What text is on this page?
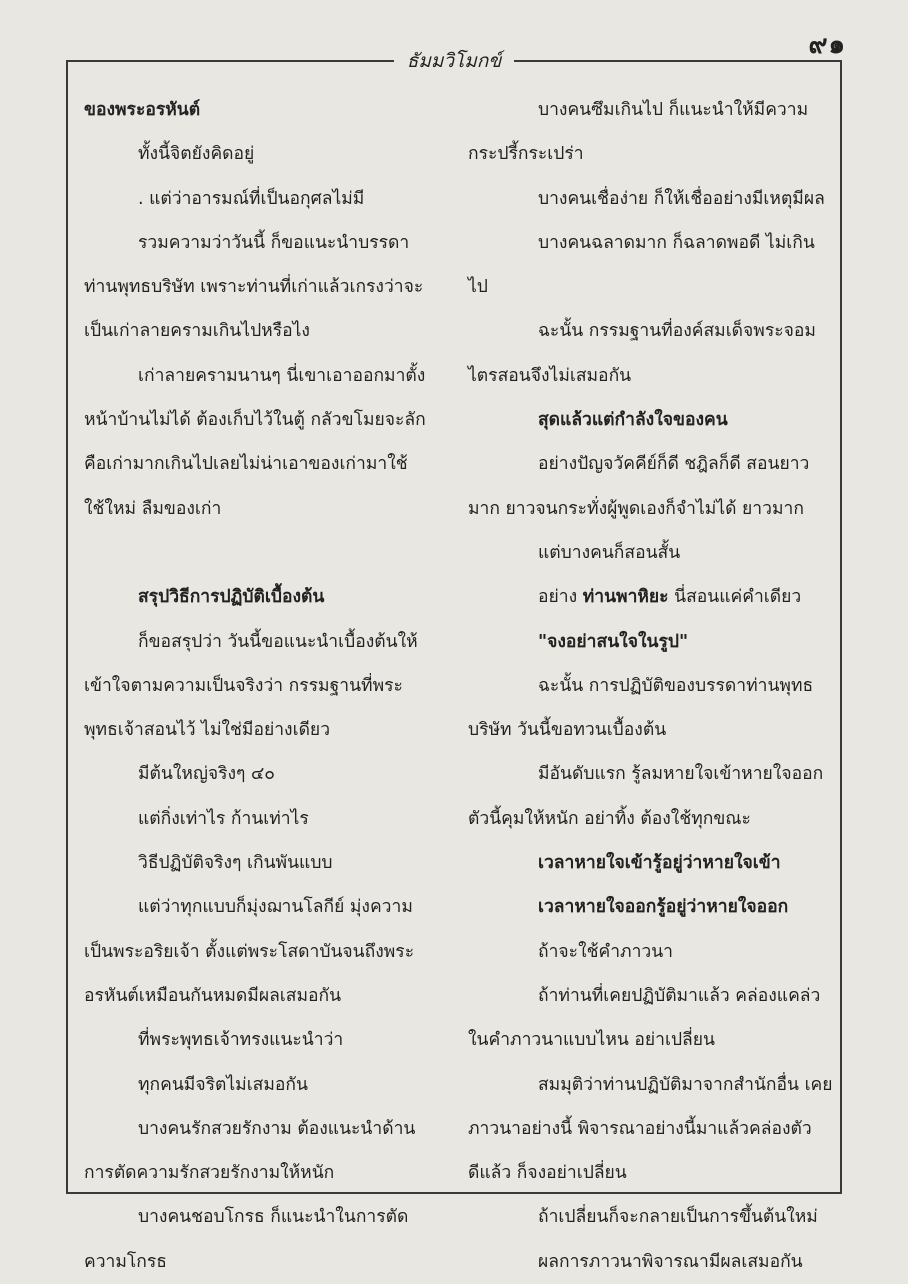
๙๑
ธัมมวิโมกข์
ของพระอรหันต์
ทั้งนี้จิตยังคิดอยู่
. แต่ว่าอารมณ์ที่เป็นอกุศลไม่มี
รวมความว่าวันนี้ ก็ขอแนะนำบรรดา
ท่านพุทธบริษัท เพราะท่านที่เก่าแล้วเกรงว่าจะ
เป็นเก่าลายครามเกินไปหรือไง
เก่าลายครามนานๆ นี่เขาเอาออกมาตั้ง
หน้าบ้านไม่ได้ ต้องเก็บไว้ในตู้ กลัวขโมยจะลัก
คือเก่ามากเกินไปเลยไม่น่าเอาของเก่ามาใช้
ใช้ใหม่ ลืมของเก่า
สรุปวิธีการปฏิบัติเบื้องต้น
ก็ขอสรุปว่า วันนี้ขอแนะนำเบื้องต้นให้
เข้าใจตามความเป็นจริงว่า กรรมฐานที่พระ
พุทธเจ้าสอนไว้ ไม่ใช่มีอย่างเดียว
มีต้นใหญ่จริงๆ ๔๐
แต่กิ่งเท่าไร ก้านเท่าไร
วิธีปฏิบัติจริงๆ เกินพันแบบ
แต่ว่าทุกแบบก็มุ่งฌานโลกีย์ มุ่งความ
เป็นพระอริยเจ้า ตั้งแต่พระโสดาบันจนถึงพระ
อรหันต์เหมือนกันหมดมีผลเสมอกัน
ที่พระพุทธเจ้าทรงแนะนำว่า
ทุกคนมีจริตไม่เสมอกัน
บางคนรักสวยรักงาม ต้องแนะนำด้าน
การตัดความรักสวยรักงามให้หนัก
บางคนชอบโกรธ ก็แนะนำในการตัด
ความโกรธ
บางคนซึมเกินไป ก็แนะนำให้มีความ
กระปรี้กระเปร่า
บางคนเชื่อง่าย ก็ให้เชื่ออย่างมีเหตุมีผล
บางคนฉลาดมาก ก็ฉลาดพอดี ไม่เกิน
ไป
ฉะนั้น กรรมฐานที่องค์สมเด็จพระจอม
ไตรสอนจึงไม่เสมอกัน
สุดแล้วแต่กำลังใจของคน
อย่างปัญจวัคคีย์ก็ดี ชฎิลก็ดี สอนยาว
มาก ยาวจนกระทั่งผู้พูดเองก็จำไม่ได้ ยาวมาก
แต่บางคนก็สอนสั้น
อย่าง ท่านพาหิยะ นี่สอนแค่คำเดียว
"จงอย่าสนใจในรูป"
ฉะนั้น การปฏิบัติของบรรดาท่านพุทธ
บริษัท วันนี้ขอทวนเบื้องต้น
มีอันดับแรก รู้ลมหายใจเข้าหายใจออก
ตัวนี้คุมให้หนัก อย่าทิ้ง ต้องใช้ทุกขณะ
เวลาหายใจเข้ารู้อยู่ว่าหายใจเข้า
เวลาหายใจออกรู้อยู่ว่าหายใจออก
ถ้าจะใช้คำภาวนา
ถ้าท่านที่เคยปฏิบัติมาแล้ว คล่องแคล่ว
ในคำภาวนาแบบไหน อย่าเปลี่ยน
สมมุติว่าท่านปฏิบัติมาจากสำนักอื่น เคย
ภาวนาอย่างนี้ พิจารณาอย่างนี้มาแล้วคล่องตัว
ดีแล้ว ก็จงอย่าเปลี่ยน
ถ้าเปลี่ยนก็จะกลายเป็นการขึ้นต้นใหม่
ผลการภาวนาพิจารณามีผลเสมอกัน
